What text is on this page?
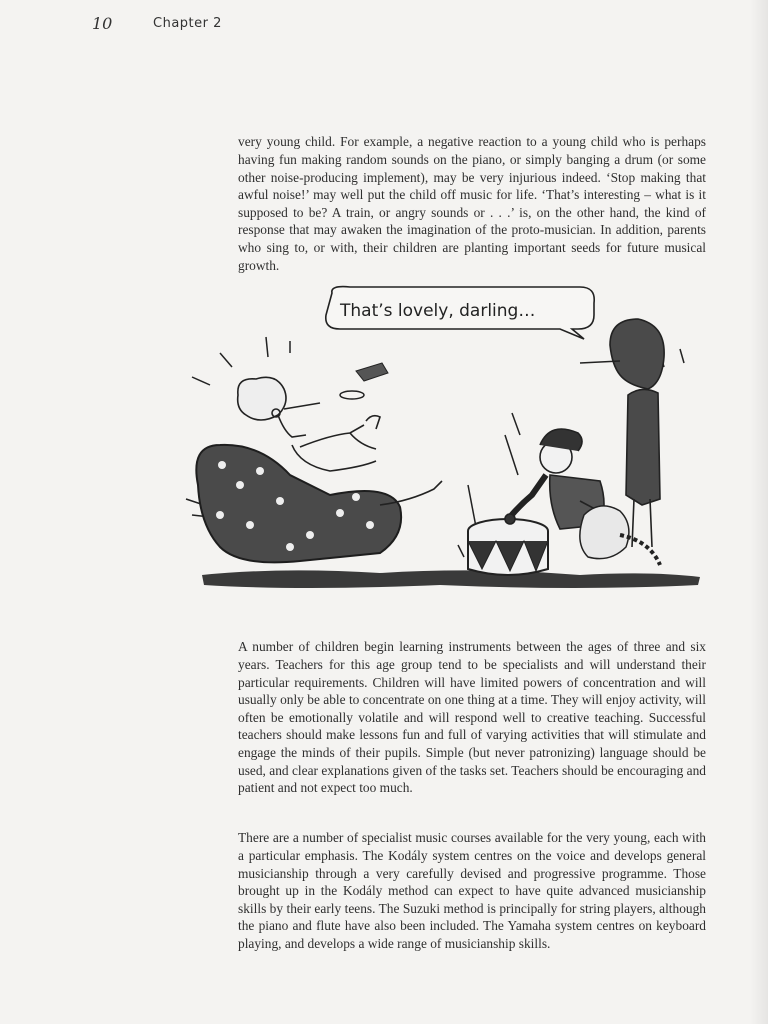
10	Chapter 2

very young child. For example, a negative reaction to a young child who is perhaps having fun making random sounds on the piano, or simply banging a drum (or some other noise-producing implement), may be very injurious indeed. ‘Stop making that awful noise!’ may well put the child off music for life. ‘That’s interesting – what is it supposed to be? A train, or angry sounds or . . .’ is, on the other hand, the kind of response that may awaken the imagination of the proto-musician. In addition, parents who sing to, or with, their children are planting important seeds for future musical growth.

That’s lovely, darling…

A number of children begin learning instruments between the ages of three and six years. Teachers for this age group tend to be specialists and will understand their particular requirements. Children will have limited powers of concentration and will usually only be able to concentrate on one thing at a time. They will enjoy activity, will often be emotionally volatile and will respond well to creative teaching. Successful teachers should make lessons fun and full of varying activities that will stimulate and engage the minds of their pupils. Simple (but never patronizing) language should be used, and clear explanations given of the tasks set. Teachers should be encouraging and patient and not expect too much.

There are a number of specialist music courses available for the very young, each with a particular emphasis. The Kodály system centres on the voice and develops general musicianship through a very carefully devised and progressive programme. Those brought up in the Kodály method can expect to have quite advanced musicianship skills by their early teens. The Suzuki method is principally for string players, although the piano and flute have also been included. The Yamaha system centres on keyboard playing, and develops a wide range of musicianship skills.
